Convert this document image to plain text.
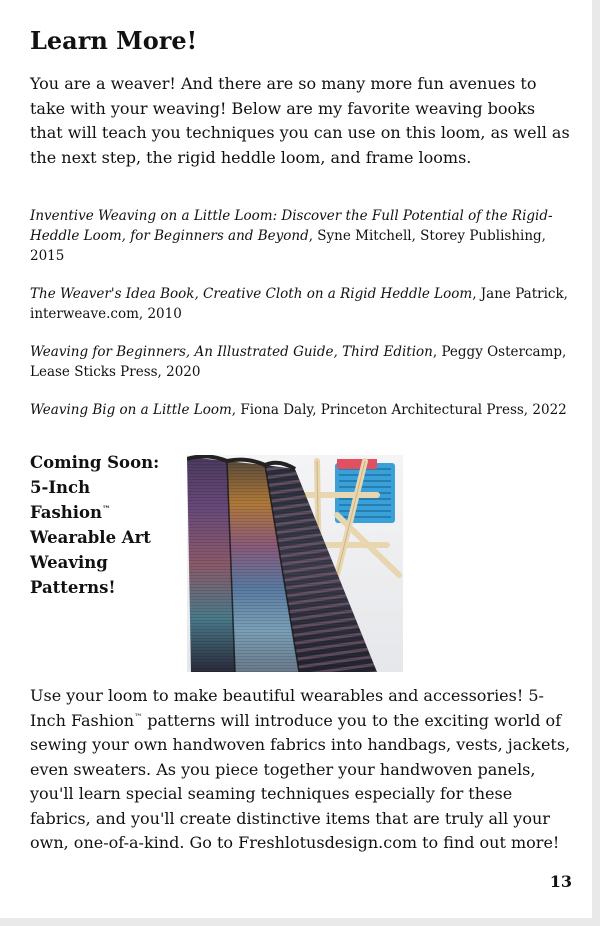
Learn More!

You are a weaver! And there are so many more fun avenues to take with your weaving! Below are my favorite weaving books that will teach you techniques you can use on this loom, as well as the next step, the rigid heddle loom, and frame looms.

Inventive Weaving on a Little Loom: Discover the Full Potential of the Rigid-Heddle Loom, for Beginners and Beyond, Syne Mitchell, Storey Publishing, 2015

The Weaver's Idea Book, Creative Cloth on a Rigid Heddle Loom, Jane Patrick, interweave.com, 2010

Weaving for Beginners, An Illustrated Guide, Third Edition, Peggy Ostercamp, Lease Sticks Press, 2020

Weaving Big on a Little Loom, Fiona Daly, Princeton Architectural Press, 2022

Coming Soon:
5-Inch
Fashion™
Wearable Art
Weaving
Patterns!

Use your loom to make beautiful wearables and accessories! 5-Inch Fashion™ patterns will introduce you to the exciting world of sewing your own handwoven fabrics into handbags, vests, jackets, even sweaters. As you piece together your handwoven panels, you'll learn special seaming techniques especially for these fabrics, and you'll create distinctive items that are truly all your own, one-of-a-kind. Go to Freshlotusdesign.com to find out more!

13
